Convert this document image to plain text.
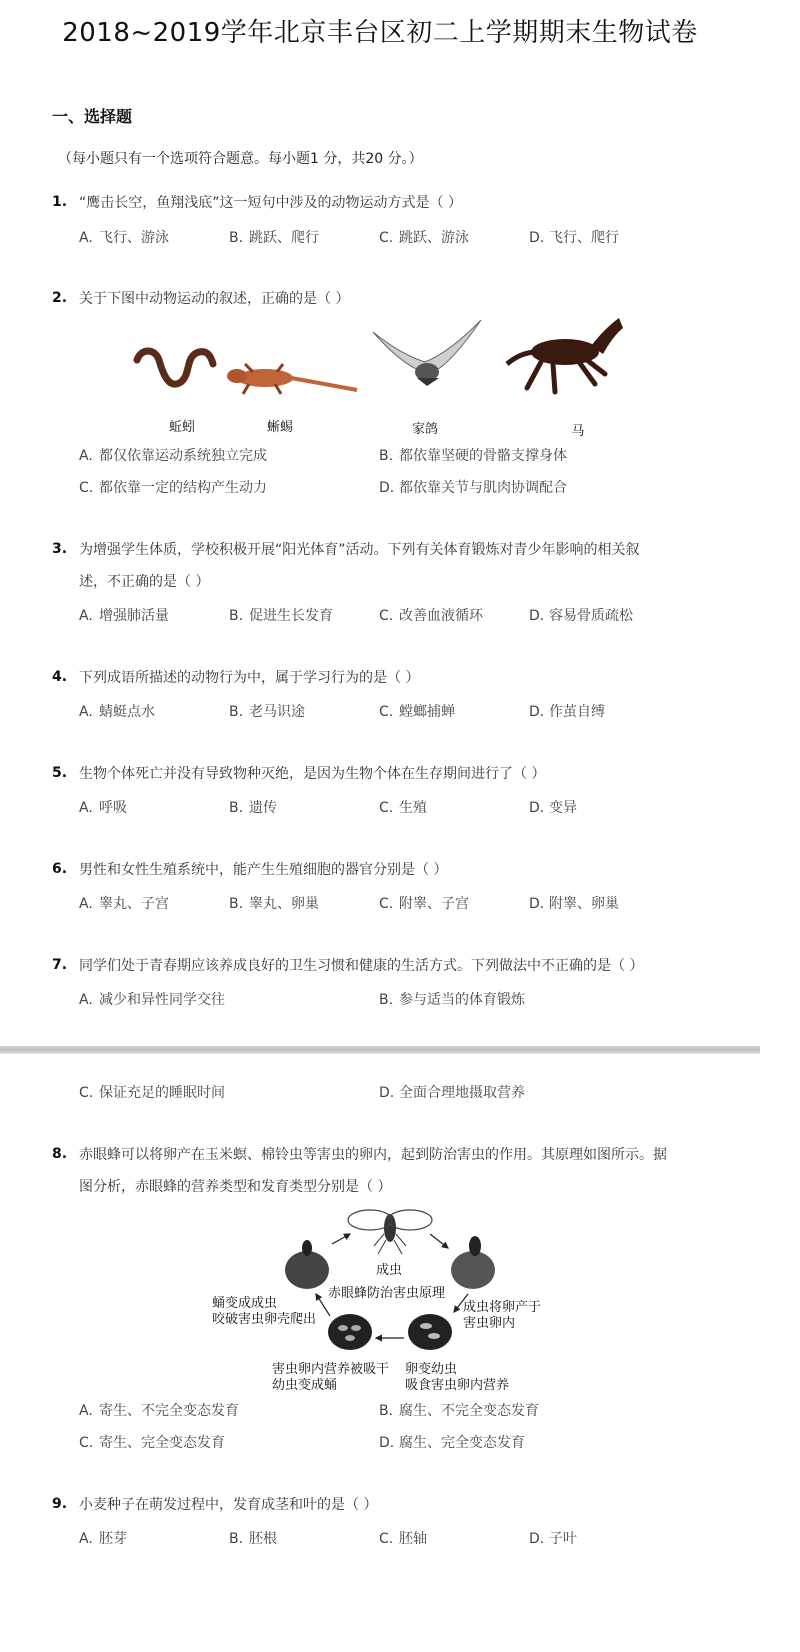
2018~2019学年北京丰台区初二上学期期末生物试卷
一、选择题
（每小题只有一个选项符合题意。每小题1 分，共20 分。）
1. “鹰击长空，鱼翔浅底”这一短句中涉及的动物运动方式是（ ）
A. 飞行、游泳	B. 跳跃、爬行	C. 跳跃、游泳	D. 飞行、爬行
2. 关于下图中动物运动的叙述，正确的是（ ）
蚯蚓	蜥蜴	家鸽	马
A. 都仅依靠运动系统独立完成	B. 都依靠坚硬的骨骼支撑身体
C. 都依靠一定的结构产生动力	D. 都依靠关节与肌肉协调配合
3. 为增强学生体质，学校积极开展“阳光体育”活动。下列有关体育锻炼对青少年影响的相关叙
述，不正确的是（ ）
A. 增强肺活量	B. 促进生长发育	C. 改善血液循环	D. 容易骨质疏松
4. 下列成语所描述的动物行为中，属于学习行为的是（ ）
A. 蜻蜓点水	B. 老马识途	C. 螳螂捕蝉	D. 作茧自缚
5. 生物个体死亡并没有导致物种灭绝，是因为生物个体在生存期间进行了（ ）
A. 呼吸	B. 遗传	C. 生殖	D. 变异
6. 男性和女性生殖系统中，能产生生殖细胞的器官分别是（ ）
A. 睾丸、子宫	B. 睾丸、卵巢	C. 附睾、子宫	D. 附睾、卵巢
7. 同学们处于青春期应该养成良好的卫生习惯和健康的生活方式。下列做法中不正确的是（ ）
A. 减少和异性同学交往	B. 参与适当的体育锻炼
C. 保证充足的睡眠时间	D. 全面合理地摄取营养
8. 赤眼蜂可以将卵产在玉米螟、棉铃虫等害虫的卵内，起到防治害虫的作用。其原理如图所示。据
图分析，赤眼蜂的营养类型和发育类型分别是（ ）
成虫
赤眼蜂防治害虫原理
蛹变成成虫
咬破害虫卵壳爬出
成虫将卵产于
害虫卵内
害虫卵内营养被吸干
幼虫变成蛹
卵变幼虫
吸食害虫卵内营养
A. 寄生、不完全变态发育	B. 腐生、不完全变态发育
C. 寄生、完全变态发育	D. 腐生、完全变态发育
9. 小麦种子在萌发过程中，发育成茎和叶的是（ ）
A. 胚芽	B. 胚根	C. 胚轴	D. 子叶
